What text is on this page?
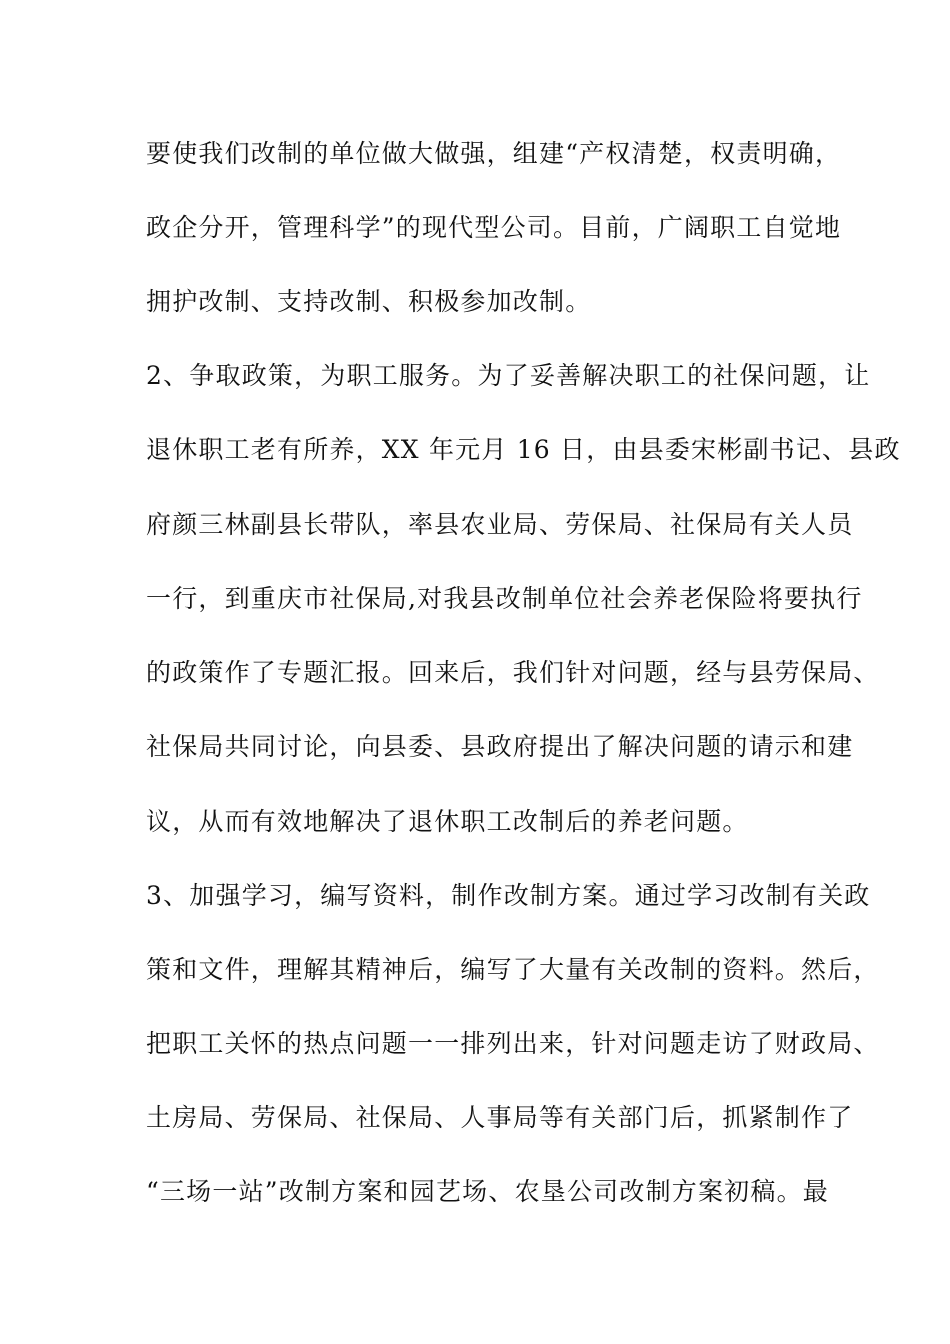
要使我们改制的单位做大做强，组建“产权清楚，权责明确，
政企分开，管理科学”的现代型公司。目前，广阔职工自觉地
拥护改制、支持改制、积极参加改制。
2、争取政策，为职工服务。为了妥善解决职工的社保问题，让
退休职工老有所养，XX 年元月 16 日，由县委宋彬副书记、县政
府颜三林副县长带队，率县农业局、劳保局、社保局有关人员
一行，到重庆市社保局,对我县改制单位社会养老保险将要执行
的政策作了专题汇报。回来后，我们针对问题，经与县劳保局、
社保局共同讨论，向县委、县政府提出了解决问题的请示和建
议，从而有效地解决了退休职工改制后的养老问题。
3、加强学习，编写资料，制作改制方案。通过学习改制有关政
策和文件，理解其精神后，编写了大量有关改制的资料。然后，
把职工关怀的热点问题一一排列出来，针对问题走访了财政局、
土房局、劳保局、社保局、人事局等有关部门后，抓紧制作了
“三场一站”改制方案和园艺场、农垦公司改制方案初稿。最
